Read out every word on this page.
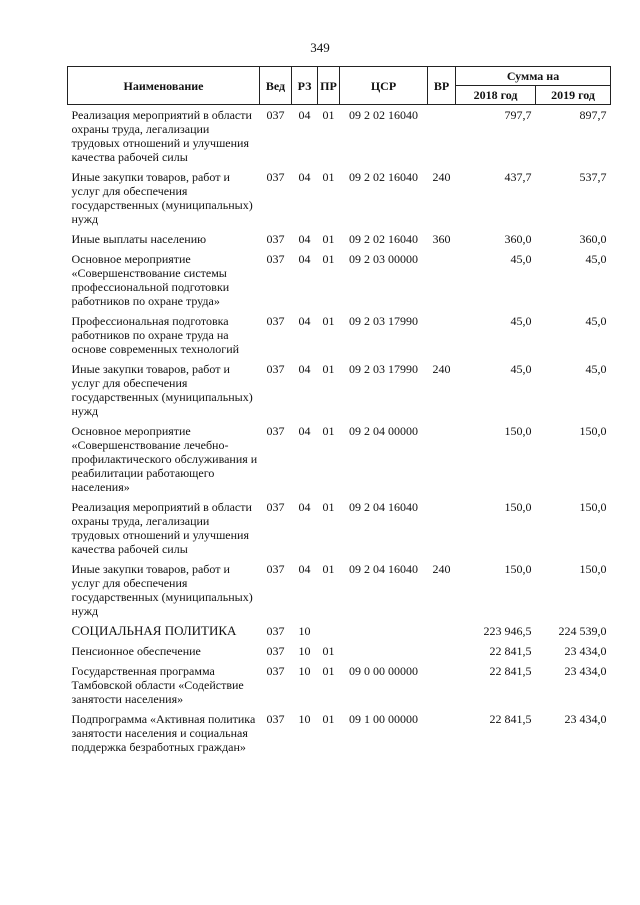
349
Наименование	Вед	РЗ	ПР	ЦСР	ВР	Сумма на	
						2018 год	2019 год
Реализация мероприятий в области охраны труда, легализации трудовых отношений и улучшения качества рабочей силы	037	04	01	09 2 02 16040		797,7	897,7
Иные закупки товаров, работ и услуг для обеспечения государственных (муниципальных) нужд	037	04	01	09 2 02 16040	240	437,7	537,7
Иные выплаты населению	037	04	01	09 2 02 16040	360	360,0	360,0
Основное мероприятие «Совершенствование системы профессиональной подготовки работников по охране труда»	037	04	01	09 2 03 00000		45,0	45,0
Профессиональная подготовка работников по охране труда на основе современных технологий	037	04	01	09 2 03 17990		45,0	45,0
Иные закупки товаров, работ и услуг для обеспечения государственных (муниципальных) нужд	037	04	01	09 2 03 17990	240	45,0	45,0
Основное мероприятие «Совершенствование лечебно-профилактического обслуживания и реабилитации работающего населения»	037	04	01	09 2 04 00000		150,0	150,0
Реализация мероприятий в области охраны труда, легализации трудовых отношений и улучшения качества рабочей силы	037	04	01	09 2 04 16040		150,0	150,0
Иные закупки товаров, работ и услуг для обеспечения государственных (муниципальных) нужд	037	04	01	09 2 04 16040	240	150,0	150,0
СОЦИАЛЬНАЯ ПОЛИТИКА	037	10				223 946,5	224 539,0
Пенсионное обеспечение	037	10	01			22 841,5	23 434,0
Государственная программа Тамбовской области «Содействие занятости населения»	037	10	01	09 0 00 00000		22 841,5	23 434,0
Подпрограмма «Активная политика занятости населения и социальная поддержка безработных граждан»	037	10	01	09 1 00 00000		22 841,5	23 434,0
